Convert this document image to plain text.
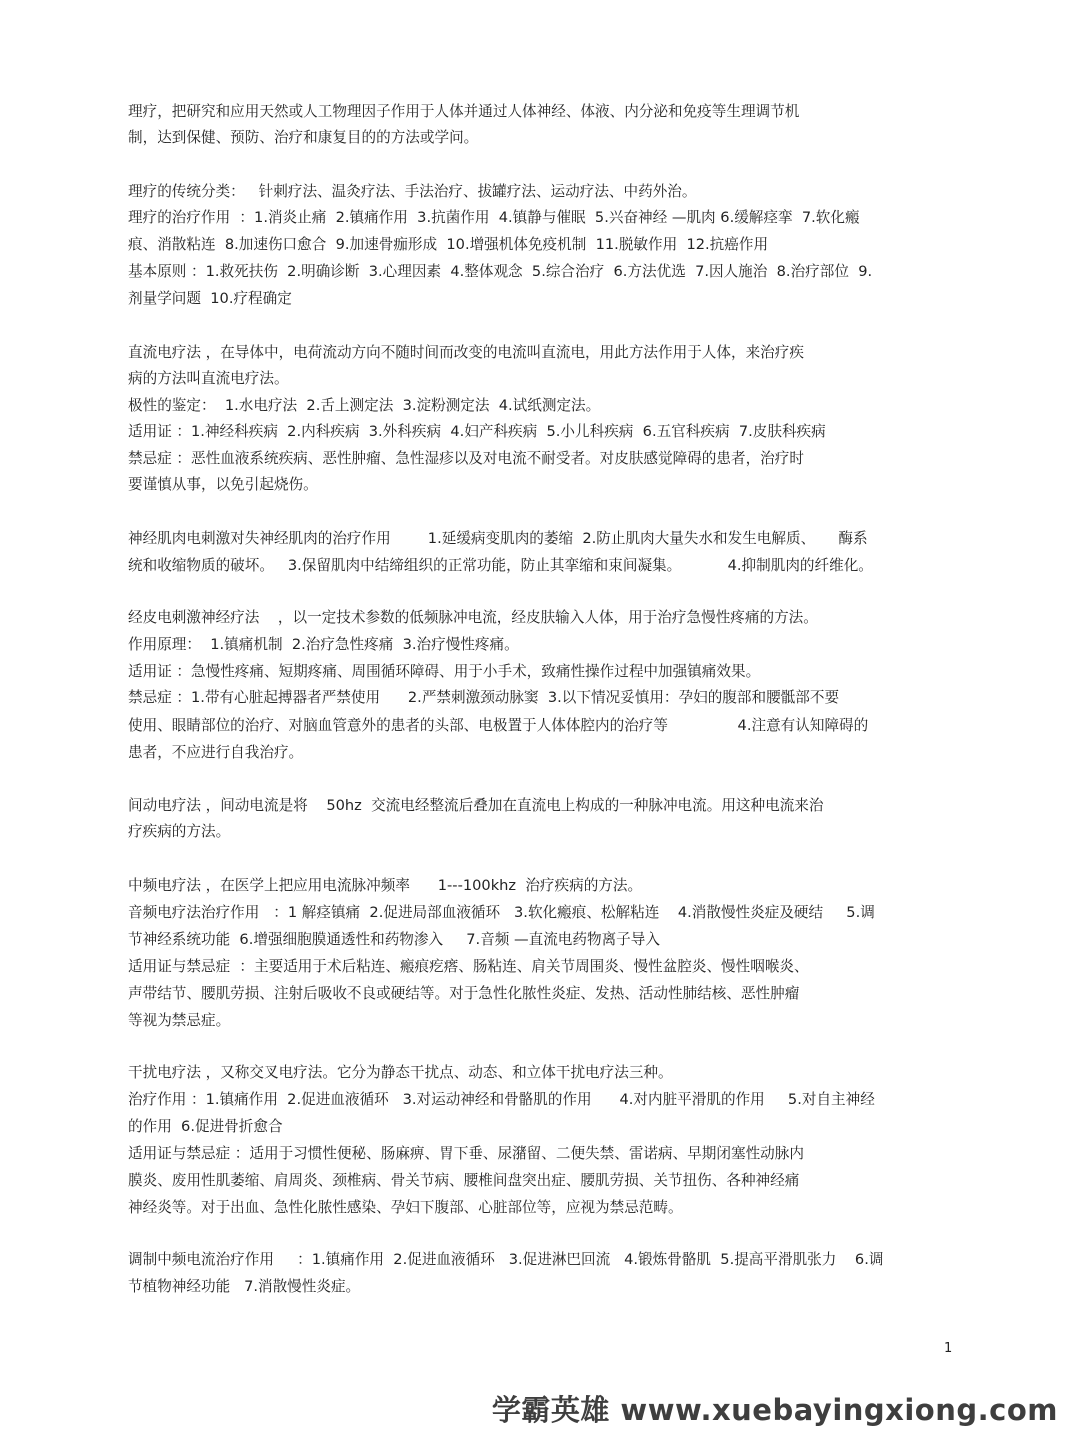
理疗，把研究和应用天然或人工物理因子作用于人体并通过人体神经、体液、内分泌和免疫等生理调节机
制，达到保健、预防、治疗和康复目的的方法或学问。
理疗的传统分类：   针刺疗法、温灸疗法、手法治疗、拔罐疗法、运动疗法、中药外治。
理疗的治疗作用  ：1.消炎止痛  2.镇痛作用  3.抗菌作用  4.镇静与催眠  5.兴奋神经 —肌肉 6.缓解痉挛  7.软化瘢
痕、消散粘连  8.加速伤口愈合  9.加速骨痂形成  10.增强机体免疫机制  11.脱敏作用  12.抗癌作用
基本原则 ：1.救死扶伤  2.明确诊断  3.心理因素  4.整体观念  5.综合治疗  6.方法优选  7.因人施治  8.治疗部位  9.
剂量学问题  10.疗程确定
直流电疗法 ，在导体中，电荷流动方向不随时间而改变的电流叫直流电，用此方法作用于人体，来治疗疾
病的方法叫直流电疗法。
极性的鉴定：  1.水电疗法  2.舌上测定法  3.淀粉测定法  4.试纸测定法。
适用证 ：1.神经科疾病  2.内科疾病  3.外科疾病  4.妇产科疾病  5.小儿科疾病  6.五官科疾病  7.皮肤科疾病
禁忌症 ：恶性血液系统疾病、恶性肿瘤、急性湿疹以及对电流不耐受者。对皮肤感觉障碍的患者，治疗时
要谨慎从事，以免引起烧伤。
神经肌肉电刺激对失神经肌肉的治疗作用        1.延缓病变肌肉的萎缩  2.防止肌肉大量失水和发生电解质、     酶系
统和收缩物质的破坏。   3.保留肌肉中结缔组织的正常功能，防止其挛缩和束间凝集。          4.抑制肌肉的纤维化。
经皮电刺激神经疗法    ，以一定技术参数的低频脉冲电流，经皮肤输入人体，用于治疗急慢性疼痛的方法。
作用原理：  1.镇痛机制  2.治疗急性疼痛  3.治疗慢性疼痛。
适用证 ：急慢性疼痛、短期疼痛、周围循环障碍、用于小手术，致痛性操作过程中加强镇痛效果。
禁忌症 ：1.带有心脏起搏器者严禁使用      2.严禁刺激颈动脉窦  3.以下情况妥慎用：孕妇的腹部和腰骶部不要
使用、眼睛部位的治疗、对脑血管意外的患者的头部、电极置于人体体腔内的治疗等               4.注意有认知障碍的
患者，不应进行自我治疗。
间动电疗法 ，间动电流是将    50hz  交流电经整流后叠加在直流电上构成的一种脉冲电流。用这种电流来治
疗疾病的方法。
中频电疗法 ，在医学上把应用电流脉冲频率      1---100khz  治疗疾病的方法。
音频电疗法治疗作用   ：1 解痉镇痛  2.促进局部血液循环   3.软化瘢痕、松解粘连    4.消散慢性炎症及硬结     5.调
节神经系统功能  6.增强细胞膜通透性和药物渗入     7.音频 —直流电药物离子导入
适用证与禁忌症  ：主要适用于术后粘连、瘢痕疙瘩、肠粘连、肩关节周围炎、慢性盆腔炎、慢性咽喉炎、
声带结节、腰肌劳损、注射后吸收不良或硬结等。对于急性化脓性炎症、发热、活动性肺结核、恶性肿瘤
等视为禁忌症。
干扰电疗法 ，又称交叉电疗法。它分为静态干扰点、动态、和立体干扰电疗法三种。
治疗作用 ：1.镇痛作用  2.促进血液循环   3.对运动神经和骨骼肌的作用      4.对内脏平滑肌的作用     5.对自主神经
的作用  6.促进骨折愈合
适用证与禁忌症 ：适用于习惯性便秘、肠麻痹、胃下垂、尿潴留、二便失禁、雷诺病、早期闭塞性动脉内
膜炎、废用性肌萎缩、肩周炎、颈椎病、骨关节病、腰椎间盘突出症、腰肌劳损、关节扭伤、各种神经痛
神经炎等。对于出血、急性化脓性感染、孕妇下腹部、心脏部位等，应视为禁忌范畴。
调制中频电流治疗作用     ：1.镇痛作用  2.促进血液循环   3.促进淋巴回流   4.锻炼骨骼肌  5.提高平滑肌张力    6.调
节植物神经功能   7.消散慢性炎症。
1
学霸英雄 www.xuebayingxiong.com
